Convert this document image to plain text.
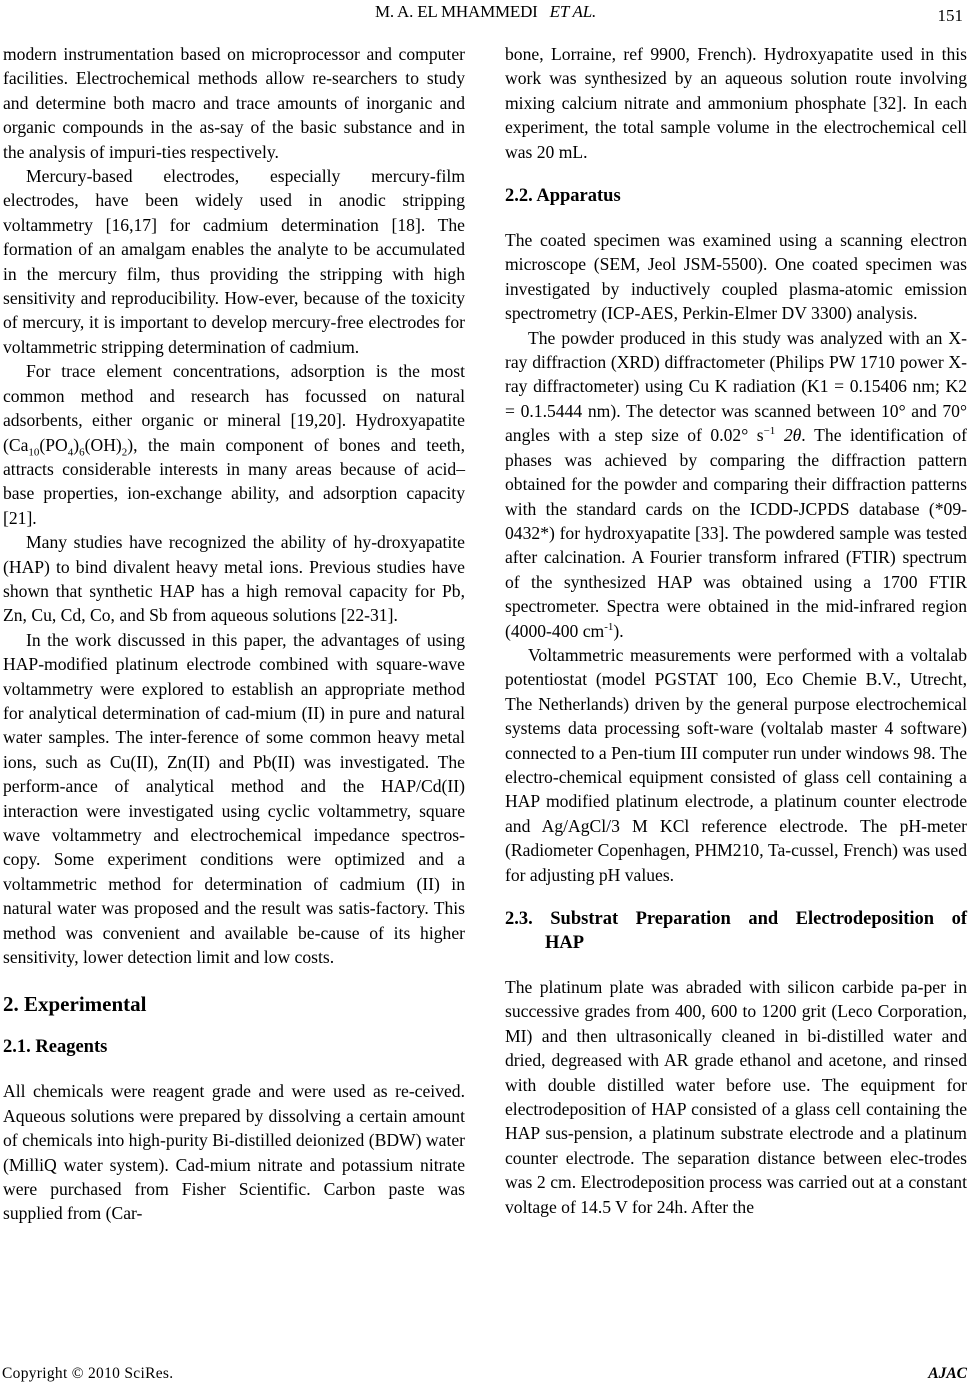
M. A. EL MHAMMEDI ET AL.	151

modern instrumentation based on microprocessor and computer facilities. Electrochemical methods allow re-searchers to study and determine both macro and trace amounts of inorganic and organic compounds in the as-say of the basic substance and in the analysis of impuri-ties respectively.

Mercury-based electrodes, especially mercury-film electrodes, have been widely used in anodic stripping voltammetry [16,17] for cadmium determination [18]. The formation of an amalgam enables the analyte to be accumulated in the mercury film, thus providing the stripping with high sensitivity and reproducibility. How-ever, because of the toxicity of mercury, it is important to develop mercury-free electrodes for voltammetric stripping determination of cadmium.

For trace element concentrations, adsorption is the most common method and research has focussed on natural adsorbents, either organic or mineral [19,20]. Hydroxyapatite $(Ca_{10}(PO_4)_6(OH)_2)$, the main component of bones and teeth, attracts considerable interests in many areas because of acid–base properties, ion-exchange ability, and adsorption capacity [21].

Many studies have recognized the ability of hy-droxyapatite (HAP) to bind divalent heavy metal ions. Previous studies have shown that synthetic HAP has a high removal capacity for Pb, Zn, Cu, Cd, Co, and Sb from aqueous solutions [22-31].

In the work discussed in this paper, the advantages of using HAP-modified platinum electrode combined with square-wave voltammetry were explored to establish an appropriate method for analytical determination of cad-mium (II) in pure and natural water samples. The inter-ference of some common heavy metal ions, such as Cu(II), Zn(II) and Pb(II) was investigated. The perform-ance of analytical method and the HAP/Cd(II) interaction were investigated using cyclic voltammetry, square wave voltammetry and electrochemical impedance spectros-copy. Some experiment conditions were optimized and a voltammetric method for determination of cadmium (II) in natural water was proposed and the result was satis-factory. This method was convenient and available be-cause of its higher sensitivity, lower detection limit and low costs.

2. Experimental
2.1. Reagents

All chemicals were reagent grade and were used as re-ceived. Aqueous solutions were prepared by dissolving a certain amount of chemicals into high-purity Bi-distilled deionized (BDW) water (MilliQ water system). Cad-mium nitrate and potassium nitrate were purchased from Fisher Scientific. Carbon paste was supplied from (Car-

bone, Lorraine, ref 9900, French). Hydroxyapatite used in this work was synthesized by an aqueous solution route involving mixing calcium nitrate and ammonium phosphate [32]. In each experiment, the total sample volume in the electrochemical cell was 20 mL.

2.2. Apparatus

The coated specimen was examined using a scanning electron microscope (SEM, Jeol JSM-5500). One coated specimen was investigated by inductively coupled plasma-atomic emission spectrometry (ICP-AES, Perkin-Elmer DV 3300) analysis.

The powder produced in this study was analyzed with an X-ray diffraction (XRD) diffractometer (Philips PW 1710 power X-ray diffractometer) using Cu K radiation (K1 = 0.15406 nm; K2 = 0.1.5444 nm). The detector was scanned between 10° and 70° angles with a step size of 0.02° $s^{-1}$ 2θ. The identification of phases was achieved by comparing the diffraction pattern obtained for the powder and comparing their diffraction patterns with the standard cards on the ICDD-JCPDS database (*09-0432*) for hydroxyapatite [33]. The powdered sample was tested after calcination. A Fourier transform infrared (FTIR) spectrum of the synthesized HAP was obtained using a 1700 FTIR spectrometer. Spectra were obtained in the mid-infrared region (4000-400 $cm^{-1}$).

Voltammetric measurements were performed with a voltalab potentiostat (model PGSTAT 100, Eco Chemie B.V., Utrecht, The Netherlands) driven by the general purpose electrochemical systems data processing soft-ware (voltalab master 4 software) connected to a Pen-tium III computer run under windows 98. The electro-chemical equipment consisted of glass cell containing a HAP modified platinum electrode, a platinum counter electrode and Ag/AgCl/3 M KCl reference electrode. The pH-meter (Radiometer Copenhagen, PHM210, Ta-cussel, French) was used for adjusting pH values.

2.3. Substrat Preparation and Electrodeposition of HAP

The platinum plate was abraded with silicon carbide pa-per in successive grades from 400, 600 to 1200 grit (Leco Corporation, MI) and then ultrasonically cleaned in bi-distilled water and dried, degreased with AR grade ethanol and acetone, and rinsed with double distilled water before use. The equipment for electrodeposition of HAP consisted of a glass cell containing the HAP sus-pension, a platinum substrate electrode and a platinum counter electrode. The separation distance between elec-trodes was 2 cm. Electrodeposition process was carried out at a constant voltage of 14.5 V for 24h. After the

Copyright © 2010 SciRes.	AJAC
